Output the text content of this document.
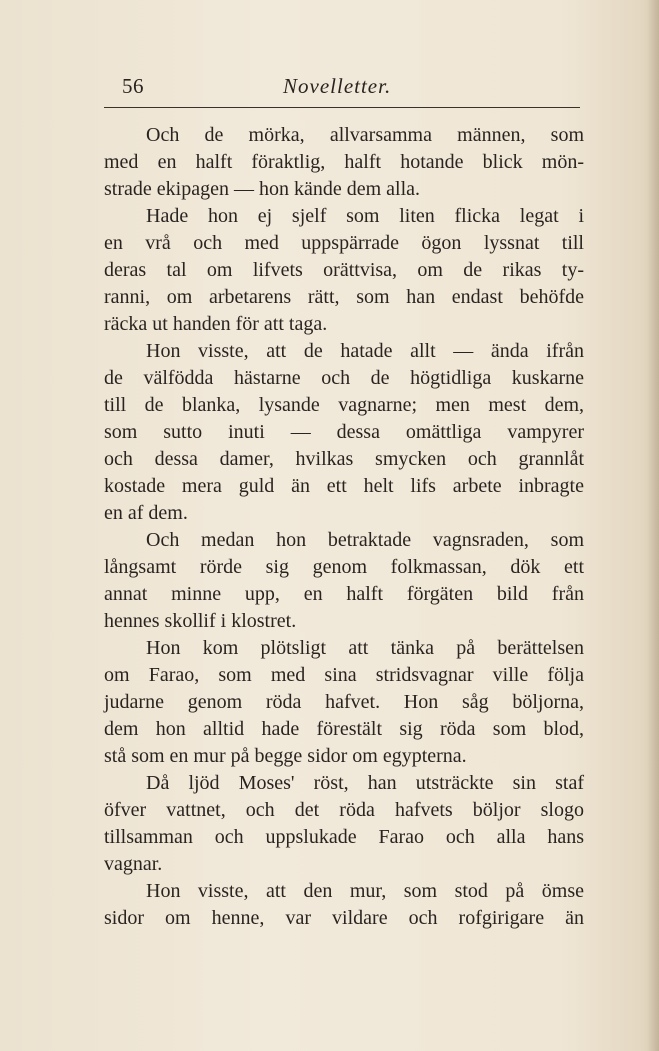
56	Novelletter.
Och de mörka, allvarsamma männen, som
med en halft föraktlig, halft hotande blick mön-
strade ekipagen — hon kände dem alla.
Hade hon ej sjelf som liten flicka legat i
en vrå och med uppspärrade ögon lyssnat till
deras tal om lifvets orättvisa, om de rikas ty-
ranni, om arbetarens rätt, som han endast behöfde
räcka ut handen för att taga.
Hon visste, att de hatade allt — ända ifrån
de välfödda hästarne och de högtidliga kuskarne
till de blanka, lysande vagnarne; men mest dem,
som sutto inuti — dessa omättliga vampyrer
och dessa damer, hvilkas smycken och grannlåt
kostade mera guld än ett helt lifs arbete inbragte
en af dem.
Och medan hon betraktade vagnsraden, som
långsamt rörde sig genom folkmassan, dök ett
annat minne upp, en halft förgäten bild från
hennes skollif i klostret.
Hon kom plötsligt att tänka på berättelsen
om Farao, som med sina stridsvagnar ville följa
judarne genom röda hafvet. Hon såg böljorna,
dem hon alltid hade förestält sig röda som blod,
stå som en mur på begge sidor om egypterna.
Då ljöd Moses' röst, han utsträckte sin staf
öfver vattnet, och det röda hafvets böljor slogo
tillsamman och uppslukade Farao och alla hans
vagnar.
Hon visste, att den mur, som stod på ömse
sidor om henne, var vildare och rofgirigare än
